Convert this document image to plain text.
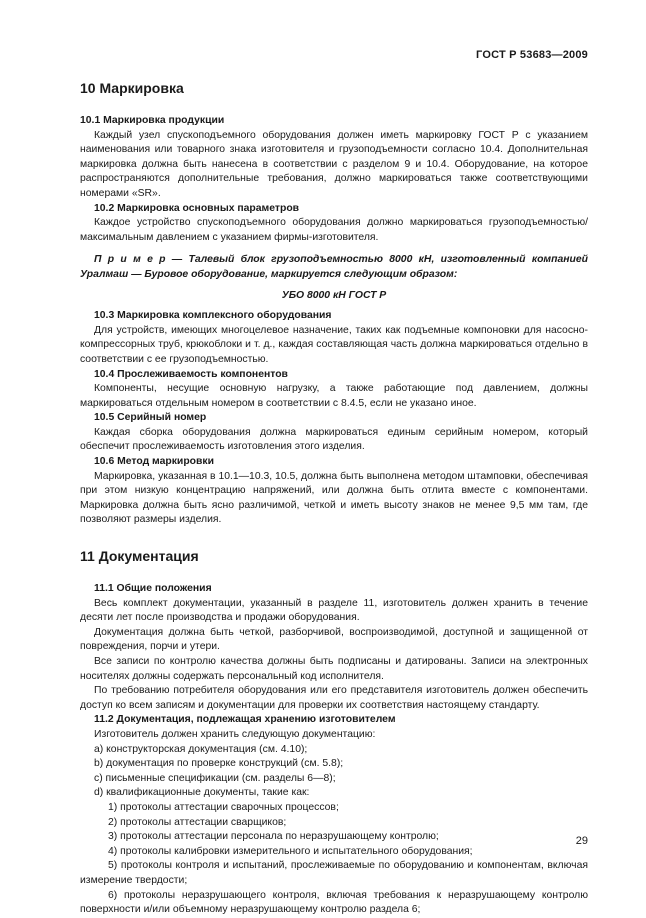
ГОСТ Р 53683—2009
10 Маркировка

10.1 Маркировка продукции

Каждый узел спускоподъемного оборудования должен иметь маркировку ГОСТ Р с указанием наименования или товарного знака изготовителя и грузоподъемности согласно 10.4. Дополнительная маркировка должна быть нанесена в соответствии с разделом 9 и 10.4. Оборудование, на которое распространяются дополнительные требования, должно маркироваться также соответствующими номерами «SR».

10.2 Маркировка основных параметров

Каждое устройство спускоподъемного оборудования должно маркироваться грузоподъемностью/максимальным давлением с указанием фирмы-изготовителя.

П р и м е р — Талевый блок грузоподъемностью 8000 кН, изготовленный компанией Уралмаш — Буровое оборудование, маркируется следующим образом:

УБО 8000 кН ГОСТ Р

10.3 Маркировка комплексного оборудования

Для устройств, имеющих многоцелевое назначение, таких как подъемные компоновки для насосно-компрессорных труб, крюкоблоки и т. д., каждая составляющая часть должна маркироваться отдельно в соответствии с ее грузоподъемностью.

10.4 Прослеживаемость компонентов

Компоненты, несущие основную нагрузку, а также работающие под давлением, должны маркироваться отдельным номером в соответствии с 8.4.5, если не указано иное.

10.5 Серийный номер

Каждая сборка оборудования должна маркироваться единым серийным номером, который обеспечит прослеживаемость изготовления этого изделия.

10.6 Метод маркировки

Маркировка, указанная в 10.1—10.3, 10.5, должна быть выполнена методом штамповки, обеспечивая при этом низкую концентрацию напряжений, или должна быть отлита вместе с компонентами. Маркировка должна быть ясно различимой, четкой и иметь высоту знаков не менее 9,5 мм там, где позволяют размеры изделия.

11 Документация

11.1 Общие положения

Весь комплект документации, указанный в разделе 11, изготовитель должен хранить в течение десяти лет после производства и продажи оборудования.

Документация должна быть четкой, разборчивой, воспроизводимой, доступной и защищенной от повреждения, порчи и утери.

Все записи по контролю качества должны быть подписаны и датированы. Записи на электронных носителях должны содержать персональный код исполнителя.

По требованию потребителя оборудования или его представителя изготовитель должен обеспечить доступ ко всем записям и документации для проверки их соответствия настоящему стандарту.

11.2 Документация, подлежащая хранению изготовителем

Изготовитель должен хранить следующую документацию:

а) конструкторская документация (см. 4.10);

b) документация по проверке конструкций (см. 5.8);

с) письменные спецификации (см. разделы 6—8);

d) квалификационные документы, такие как:

1) протоколы аттестации сварочных процессов;

2) протоколы аттестации сварщиков;

3) протоколы аттестации персонала по неразрушающему контролю;

4) протоколы калибровки измерительного и испытательного оборудования;

5) протоколы контроля и испытаний, прослеживаемые по оборудованию и компонентам, включая измерение твердости;

6) протоколы неразрушающего контроля, включая требования к неразрушающему контролю поверхности и/или объемному неразрушающему контролю раздела 6;

29
